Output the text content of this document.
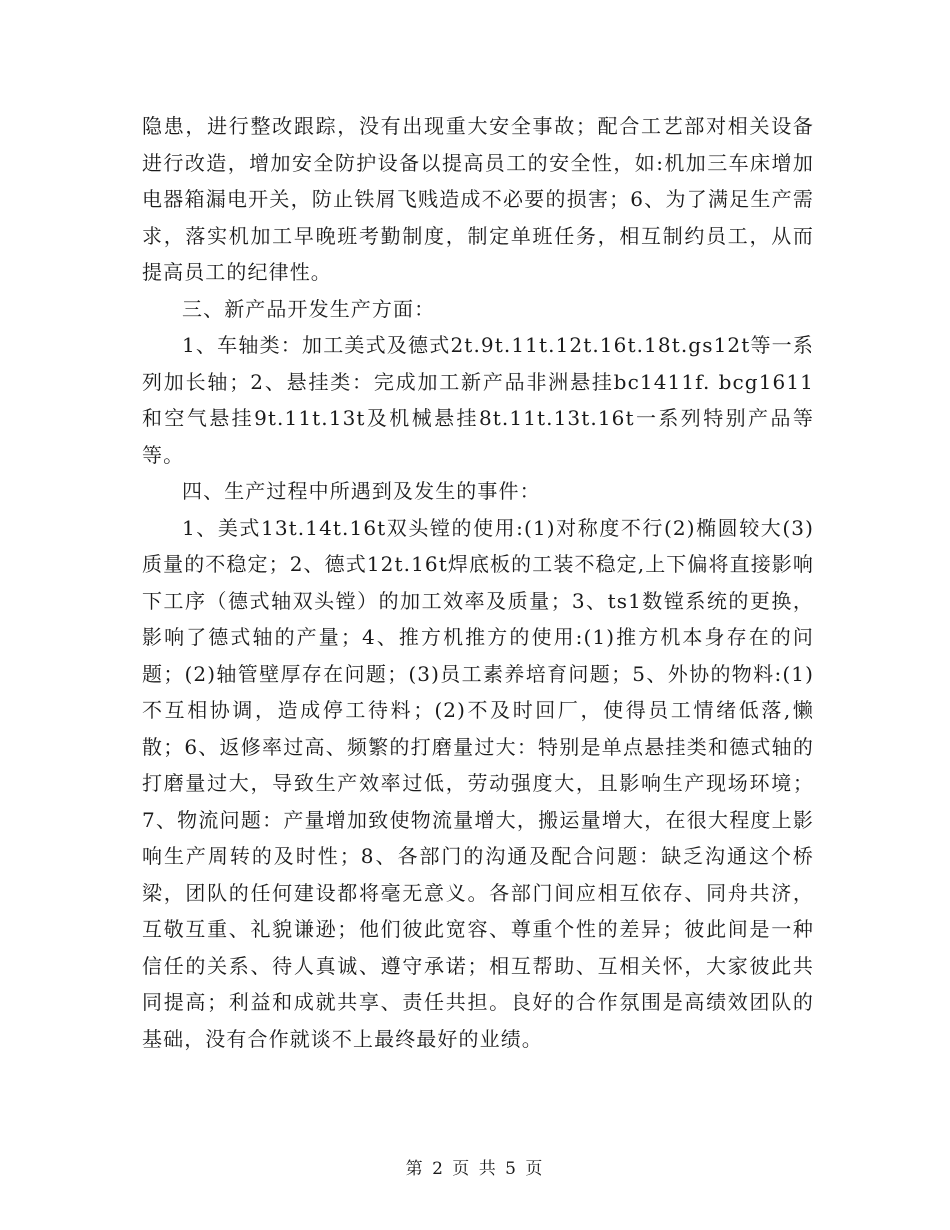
隐患，进行整改跟踪，没有出现重大安全事故；配合工艺部对相关设备进行改造，增加安全防护设备以提高员工的安全性，如:机加三车床增加电器箱漏电开关，防止铁屑飞贱造成不必要的损害；6、为了满足生产需求，落实机加工早晚班考勤制度，制定单班任务，相互制约员工，从而 提高员工的纪律性。

三、新产品开发生产方面：

1、车轴类：加工美式及德式2t.9t.11t.12t.16t.18t.gs12t等一系列加长轴；2、悬挂类：完成加工新产品非洲悬挂bc1411f. bcg1611和空气悬挂9t.11t.13t及机械悬挂8t.11t.13t.16t一系列特别产品等等。

四、生产过程中所遇到及发生的事件：

1、美式13t.14t.16t双头镗的使用:(1)对称度不行(2)椭圆较大(3)质量的不稳定；2、德式12t.16t焊底板的工装不稳定,上下偏将直接影响下工序（德式轴双头镗）的加工效率及质量；3、ts1数镗系统的更换，影响了德式轴的产量；4、推方机推方的使用:(1)推方机本身存在的问题；(2)轴管壁厚存在问题；(3)员工素养培育问题；5、外协的物料:(1)不互相协调，造成停工待料；(2)不及时回厂，使得员工情绪低落,懒散；6、返修率过高、频繁的打磨量过大：特别是单点悬挂类和德式轴的打磨量过大，导致生产效率过低，劳动强度大，且影响生产现场环境；7、物流问题：产量增加致使物流量增大，搬运量增大，在很大程度上影响生产周转的及时性；8、各部门的沟通及配合问题：缺乏沟通这个桥梁，团队的任何建设都将毫无意义。各部门间应相互依存、同舟共济，互敬互重、礼貌谦逊；他们彼此宽容、尊重个性的差异；彼此间是一种信任的关系、待人真诚、遵守承诺；相互帮助、互相关怀，大家彼此共同提高；利益和成就共享、责任共担。良好的合作氛围是高绩效团队的基础，没有合作就谈不上最终最好的业绩。

第 2 页 共 5 页
